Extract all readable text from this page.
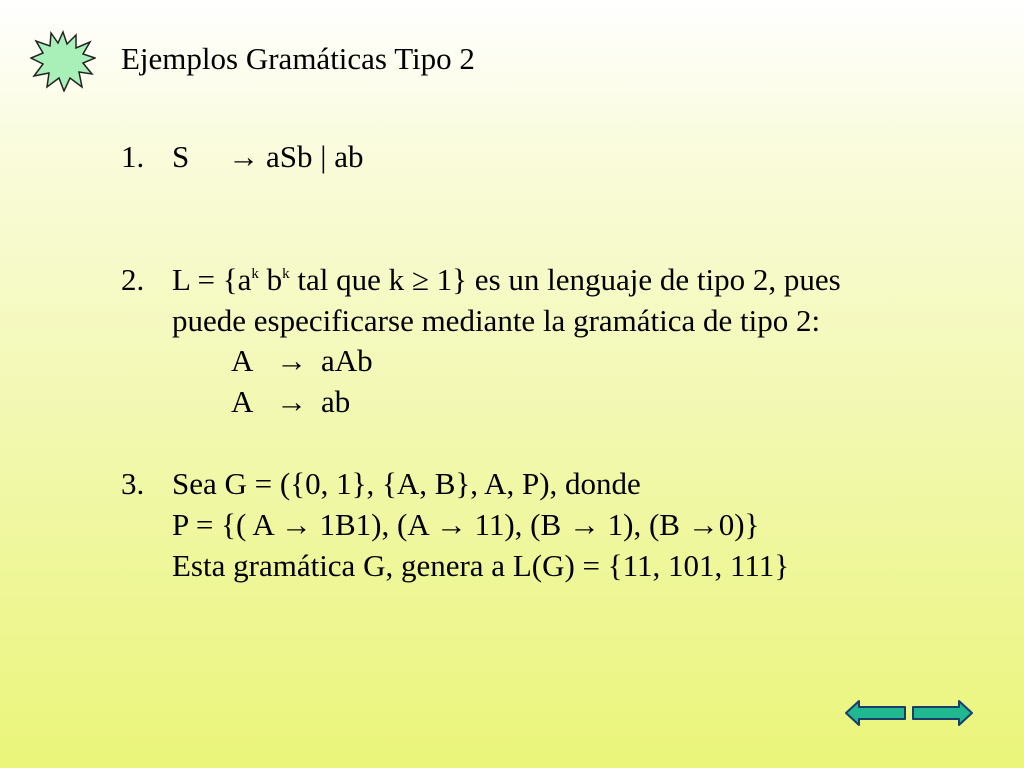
Ejemplos Gramáticas Tipo 2
1. S → aSb | ab
2. $L = \{a^k$ $b^k$ tal que k ≥ 1} es un lenguaje de tipo 2, pues
puede especificarse mediante la gramática de tipo 2:
A → aAb
A → ab
3. Sea G = ({0, 1}, {A, B}, A, P), donde
P = {( A → 1B1), (A → 11), (B → 1), (B →0)}
Esta gramática G, genera a L(G) = {11, 101, 111}
